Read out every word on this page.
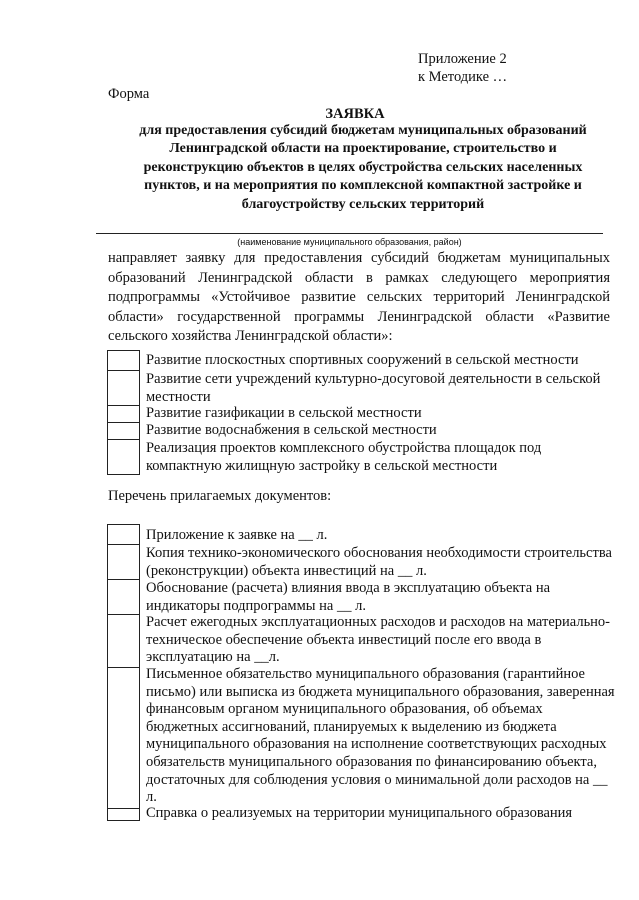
Приложение 2
к Методике …
Форма
ЗАЯВКА
для предоставления субсидий бюджетам муниципальных образований Ленинградской области на проектирование, строительство и реконструкцию объектов в целях обустройства сельских населенных пунктов, и на мероприятия по комплексной компактной застройке и благоустройству сельских территорий
(наименование муниципального образования, район)
направляет заявку для предоставления субсидий бюджетам муниципальных образований Ленинградской области в рамках следующего мероприятия подпрограммы «Устойчивое развитие сельских территорий Ленинградской области» государственной программы Ленинградской области «Развитие сельского хозяйства Ленинградской области»:
Развитие плоскостных спортивных сооружений в сельской местности
Развитие сети учреждений культурно-досуговой деятельности в сельской местности
Развитие газификации в сельской местности
Развитие водоснабжения в сельской местности
Реализация проектов комплексного обустройства площадок под компактную жилищную застройку в сельской местности
Перечень прилагаемых документов:
Приложение к заявке на __ л.
Копия технико-экономического обоснования необходимости строительства (реконструкции) объекта инвестиций на __ л.
Обоснование (расчета) влияния ввода в эксплуатацию объекта на индикаторы подпрограммы на __ л.
Расчет ежегодных эксплуатационных расходов и расходов на материально-техническое обеспечение объекта инвестиций после его ввода в эксплуатацию на __л.
Письменное обязательство муниципального образования (гарантийное письмо) или выписка из бюджета муниципального образования, заверенная финансовым органом муниципального образования, об объемах бюджетных ассигнований, планируемых к выделению из бюджета муниципального образования на исполнение соответствующих расходных обязательств муниципального образования по финансированию объекта, достаточных для соблюдения условия о минимальной доли расходов на __ л.
Справка о реализуемых на территории муниципального образования
